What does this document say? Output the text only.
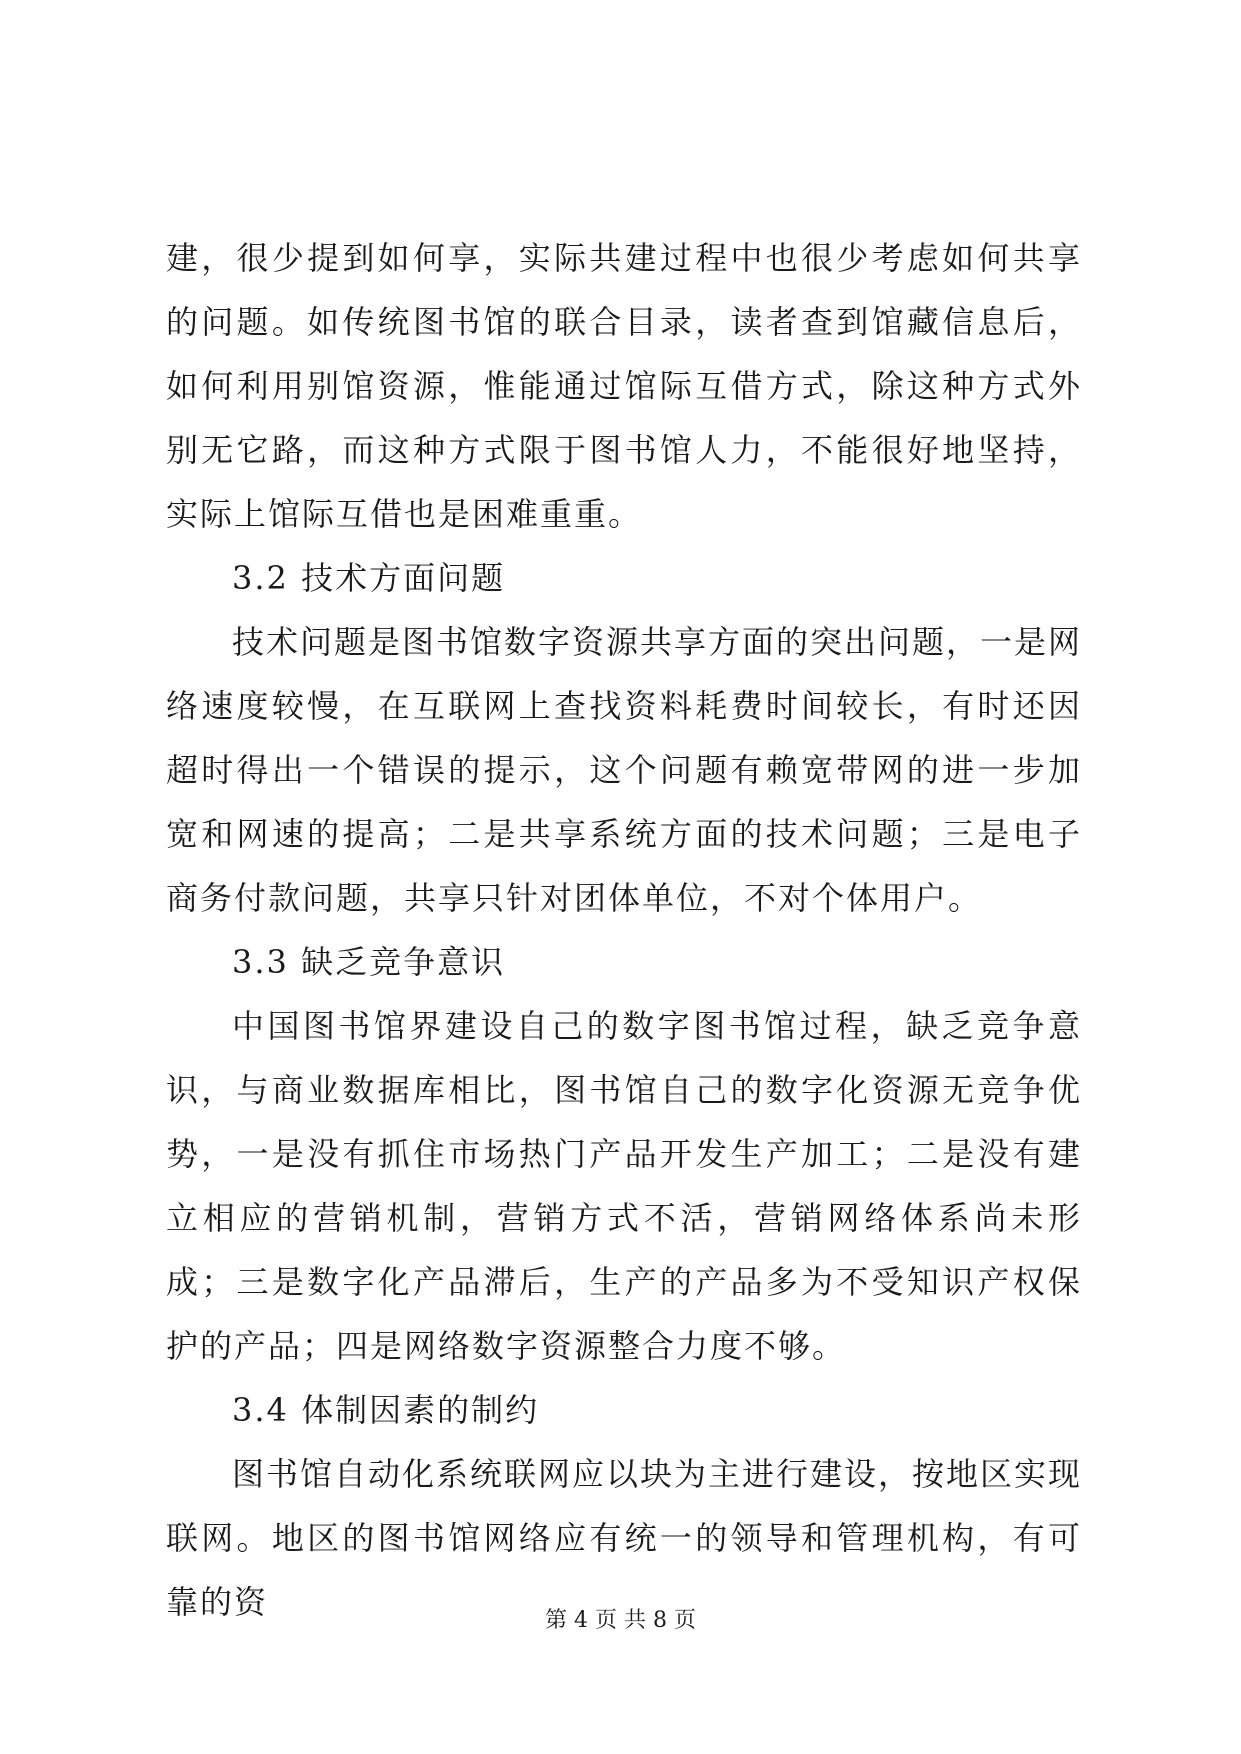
建，很少提到如何享，实际共建过程中也很少考虑如何共享的问题。如传统图书馆的联合目录，读者查到馆藏信息后，如何利用别馆资源，惟能通过馆际互借方式，除这种方式外别无它路，而这种方式限于图书馆人力，不能很好地坚持，实际上馆际互借也是困难重重。

3.2 技术方面问题

技术问题是图书馆数字资源共享方面的突出问题，一是网络速度较慢，在互联网上查找资料耗费时间较长，有时还因超时得出一个错误的提示，这个问题有赖宽带网的进一步加宽和网速的提高；二是共享系统方面的技术问题；三是电子商务付款问题，共享只针对团体单位，不对个体用户。

3.3 缺乏竞争意识

中国图书馆界建设自己的数字图书馆过程，缺乏竞争意识，与商业数据库相比，图书馆自己的数字化资源无竞争优势，一是没有抓住市场热门产品开发生产加工；二是没有建立相应的营销机制，营销方式不活，营销网络体系尚未形成；三是数字化产品滞后，生产的产品多为不受知识产权保护的产品；四是网络数字资源整合力度不够。

3.4 体制因素的制约

图书馆自动化系统联网应以块为主进行建设，按地区实现联网。地区的图书馆网络应有统一的领导和管理机构，有可靠的资	第 4 页 共 8 页
